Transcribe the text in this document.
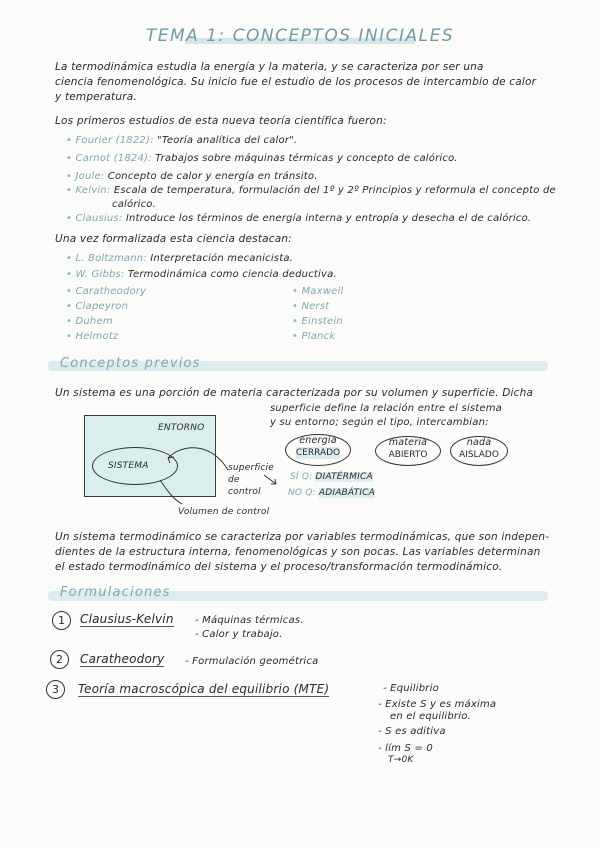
TEMA 1: CONCEPTOS INICIALES
La termodinámica estudia la energía y la materia, y se caracteriza por ser una
ciencia fenomenológica. Su inicio fue el estudio de los procesos de intercambio de calor
y temperatura.
Los primeros estudios de esta nueva teoría científica fueron:
• Fourier (1822): "Teoría analítica del calor".
• Carnot (1824): Trabajos sobre máquinas térmicas y concepto de calórico.
• Joule: Concepto de calor y energía en tránsito.
• Kelvin: Escala de temperatura, formulación del 1º y 2º Principios y reformula el concepto de
calórico.
• Clausius: Introduce los términos de energía interna y entropía y desecha el de calórico.
Una vez formalizada esta ciencia destacan:
• L. Boltzmann: Interpretación mecanicista.
• W. Gibbs: Termodinámica como ciencia deductiva.
• Caratheodory
• Clapeyron
• Duhem
• Helmotz
• Maxwell
• Nerst
• Einstein
• Planck
Conceptos previos
Un sistema es una porción de materia caracterizada por su volumen y superficie. Dicha
superficie define la relación entre el sistema
y su entorno; según el tipo, intercambian:
ENTORNO
SISTEMA	superficie de control
Volumen de control
energía
CERRADO
materia
ABIERTO
nada
AISLADO
SÍ Q: DIATÉRMICA
NO Q: ADIABÁTICA
Un sistema termodinámico se caracteriza por variables termodinámicas, que son indepen-
dientes de la estructura interna, fenomenológicas y son pocas. Las variables determinan
el estado termodinámico del sistema y el proceso/transformación termodinámico.
Formulaciones
1	Clausius-Kelvin - Máquinas térmicas.
- Calor y trabajo.
2	Caratheodory - Formulación geométrica
3	Teoría macroscópica del equilibrio (MTE)	- Equilibrio
- Existe S y es máxima
en el equilibrio.
- S es aditiva
- lím S = 0
T→0K
